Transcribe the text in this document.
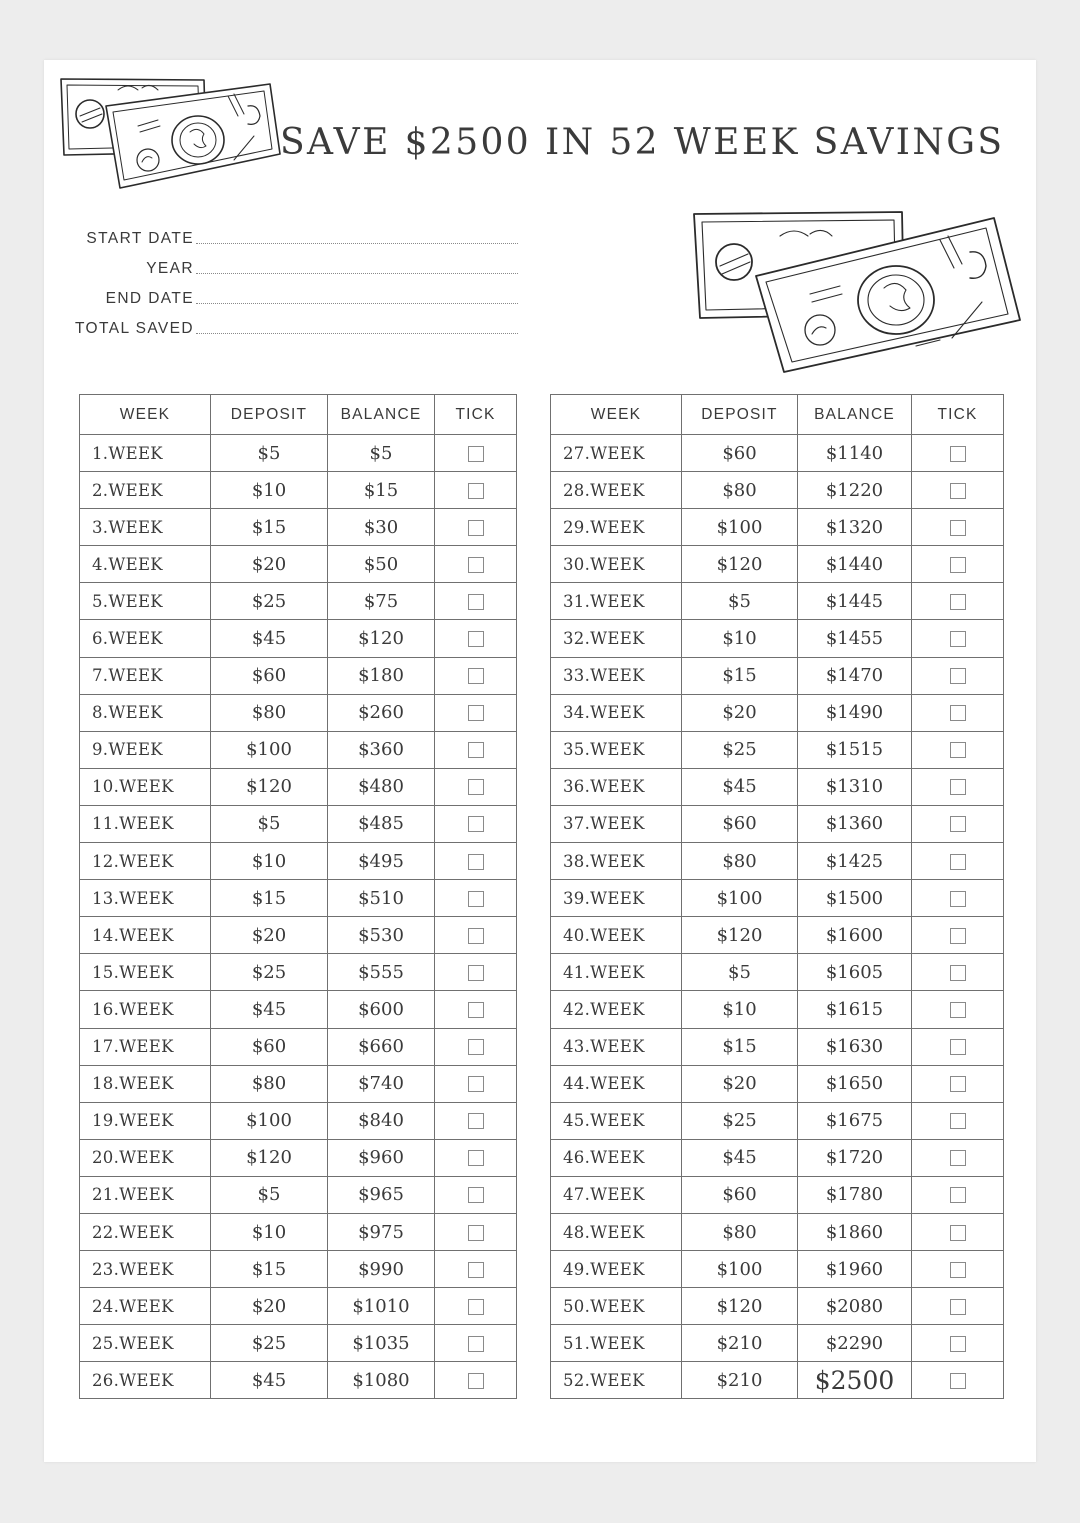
SAVE $2500 IN 52 WEEK SAVINGS
START DATE
YEAR
END DATE
TOTAL SAVED
WEEK	DEPOSIT	BALANCE	TICK
1.WEEK	$5	$5	
2.WEEK	$10	$15	
3.WEEK	$15	$30	
4.WEEK	$20	$50	
5.WEEK	$25	$75	
6.WEEK	$45	$120	
7.WEEK	$60	$180	
8.WEEK	$80	$260	
9.WEEK	$100	$360	
10.WEEK	$120	$480	
11.WEEK	$5	$485	
12.WEEK	$10	$495	
13.WEEK	$15	$510	
14.WEEK	$20	$530	
15.WEEK	$25	$555	
16.WEEK	$45	$600	
17.WEEK	$60	$660	
18.WEEK	$80	$740	
19.WEEK	$100	$840	
20.WEEK	$120	$960	
21.WEEK	$5	$965	
22.WEEK	$10	$975	
23.WEEK	$15	$990	
24.WEEK	$20	$1010	
25.WEEK	$25	$1035	
26.WEEK	$45	$1080	
WEEK	DEPOSIT	BALANCE	TICK
27.WEEK	$60	$1140	
28.WEEK	$80	$1220	
29.WEEK	$100	$1320	
30.WEEK	$120	$1440	
31.WEEK	$5	$1445	
32.WEEK	$10	$1455	
33.WEEK	$15	$1470	
34.WEEK	$20	$1490	
35.WEEK	$25	$1515	
36.WEEK	$45	$1310	
37.WEEK	$60	$1360	
38.WEEK	$80	$1425	
39.WEEK	$100	$1500	
40.WEEK	$120	$1600	
41.WEEK	$5	$1605	
42.WEEK	$10	$1615	
43.WEEK	$15	$1630	
44.WEEK	$20	$1650	
45.WEEK	$25	$1675	
46.WEEK	$45	$1720	
47.WEEK	$60	$1780	
48.WEEK	$80	$1860	
49.WEEK	$100	$1960	
50.WEEK	$120	$2080	
51.WEEK	$210	$2290	
52.WEEK	$210	$2500	
